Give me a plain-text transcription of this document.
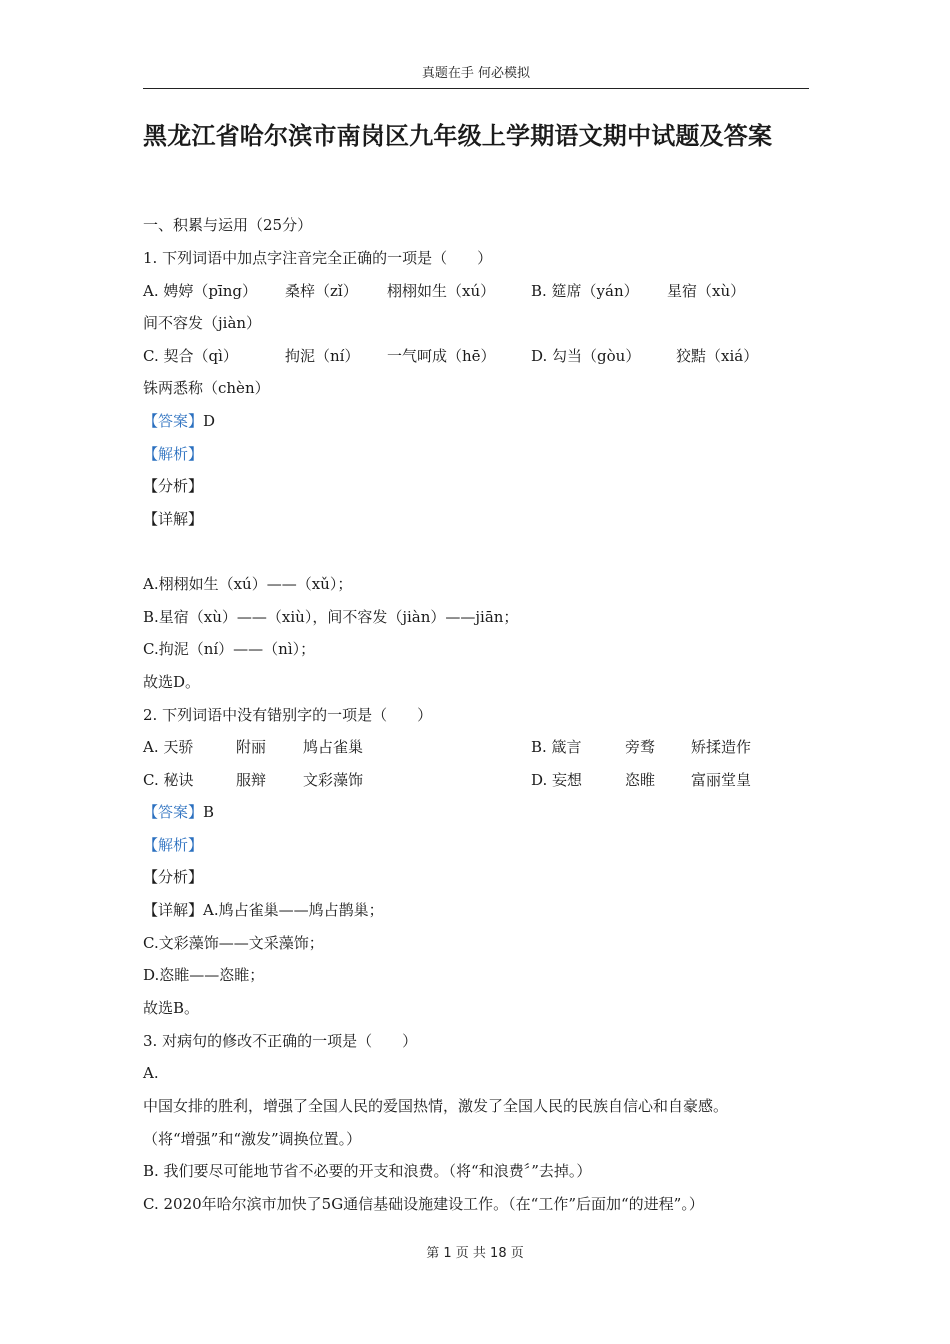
真题在手 何必模拟
黑龙江省哈尔滨市南岗区九年级上学期语文期中试题及答案
一、积累与运用（25分）
1. 下列词语中加点字注音完全正确的一项是（　　）
A. 娉婷（pīng） 桑梓（zǐ） 栩栩如生（xú） B. 筵席（yán） 星宿（xù）
间不容发（jiàn）
C. 契合（qì）	拘泥（ní） 一气呵成（hē） D. 勾当（gòu） 狡黠（xiá）
铢两悉称（chèn）
【答案】D
【解析】
【分析】
【详解】
A.栩栩如生（xú）——（xǔ）；
B.星宿（xù）——（xiù），间不容发（jiàn）——jiān；
C.拘泥（ní）——（nì）；
故选D。
2. 下列词语中没有错别字的一项是（　　）
A. 天骄	附丽 鸠占雀巢	B. 箴言	旁骛 矫揉造作
C. 秘诀	服辩 文彩藻饰	D. 妄想	恣睢 富丽堂皇
【答案】B
【解析】
【分析】
【详解】A.鸠占雀巢——鸠占鹊巢；
C.文彩藻饰——文采藻饰；
D.恣睢——恣睢；
故选B。
3. 对病句的修改不正确的一项是（　　）
A.
中国女排的胜利，增强了全国人民的爱国热情，激发了全国人民的民族自信心和自豪感。
（将“增强”和“激发”调换位置。）
B. 我们要尽可能地节省不必要的开支和浪费。（将“和浪费〞”去掉。）
C. 2020年哈尔滨市加快了5G通信基础设施建设工作。（在“工作”后面加“的进程”。）
第 1 页 共 18 页
